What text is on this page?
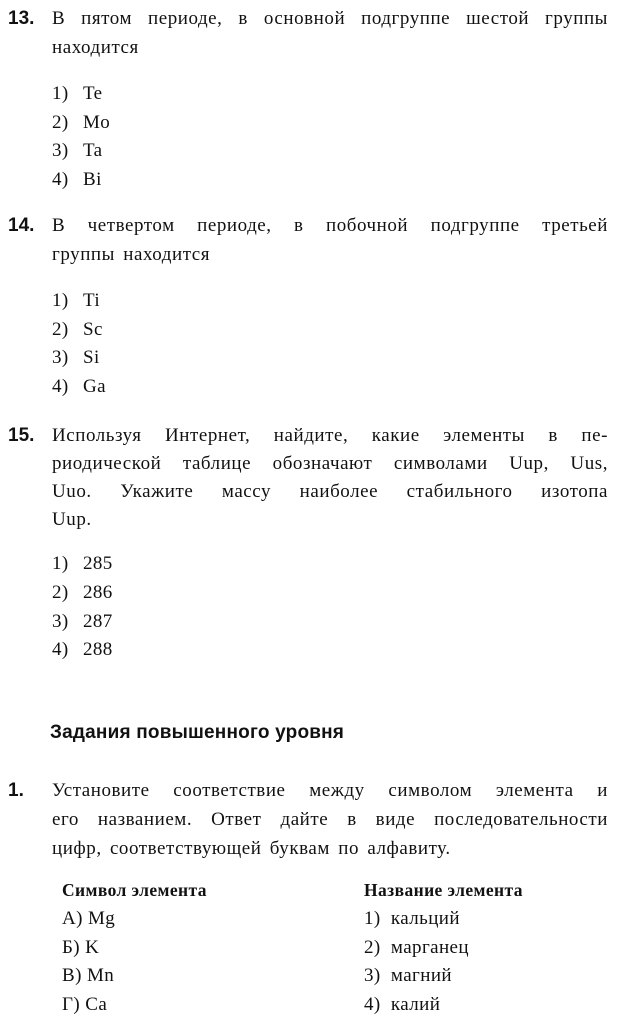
13. В пятом периоде, в основной подгруппе шестой группы
находится
1) Te
2) Mo
3) Ta
4) Bi
14. В четвертом периоде, в побочной подгруппе третьей
группы находится
1) Ti
2) Sc
3) Si
4) Ga
15. Используя Интернет, найдите, какие элементы в пе-
риодической таблице обозначают символами Uup, Uus,
Uuo. Укажите массу наиболее стабильного изотопа
Uup.
1) 285
2) 286
3) 287
4) 288
Задания повышенного уровня
1. Установите соответствие между символом элемента и
его названием. Ответ дайте в виде последовательности
цифр, соответствующей буквам по алфавиту.
Символ элемента	Название элемента
А) Mg
Б) K
В) Mn
Г) Ca
1)  кальций
2)  марганец
3)  магний
4)  калий
